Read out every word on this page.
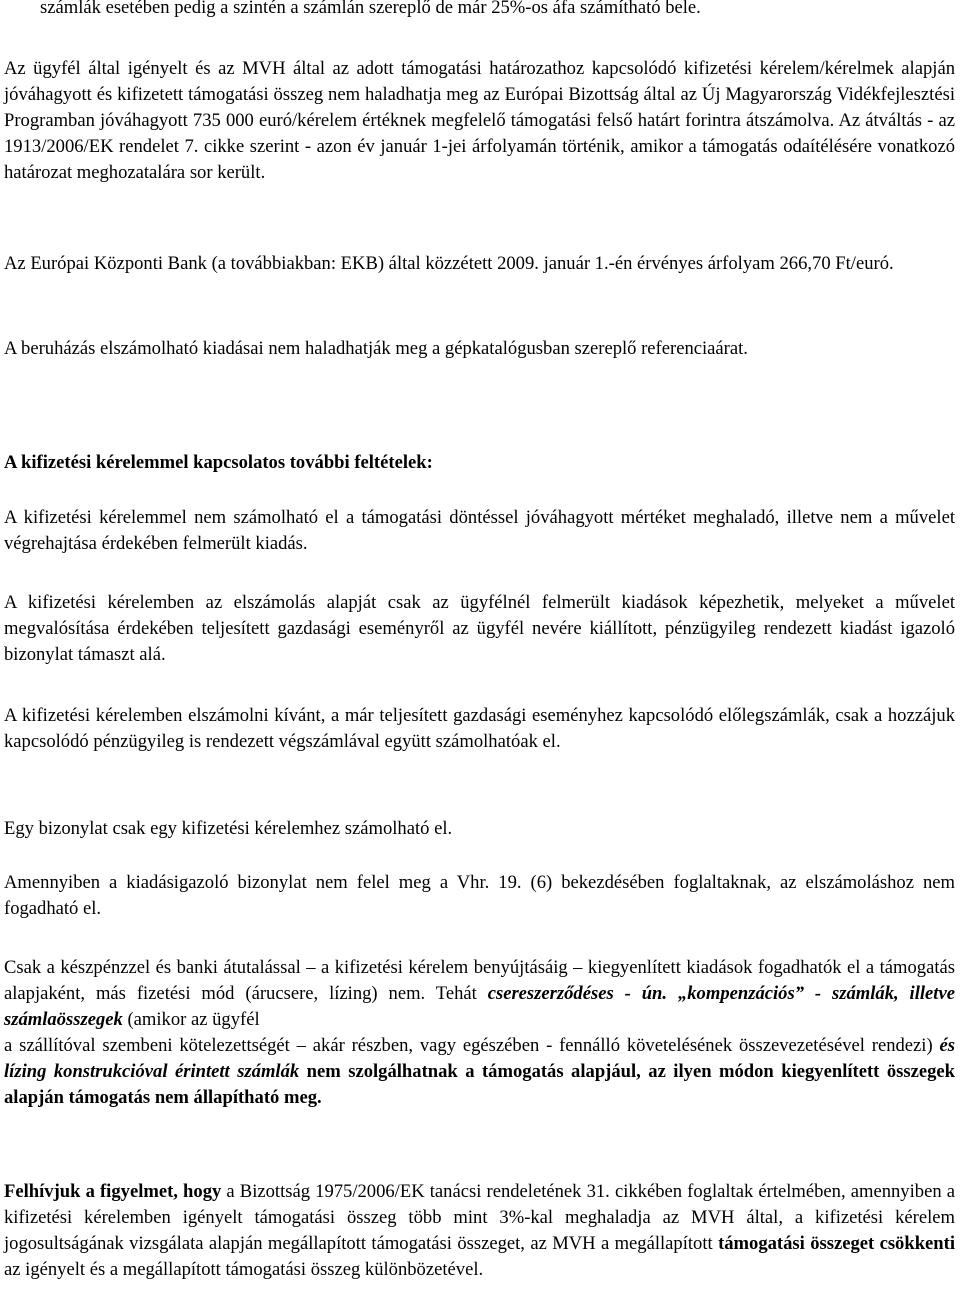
számlák esetében pedig a szintén a számlán szereplő de már 25%-os áfa számítható bele.

Az ügyfél által igényelt és az MVH által az adott támogatási határozathoz kapcsolódó kifizetési kérelem/kérelmek alapján jóváhagyott és kifizetett támogatási összeg nem haladhatja meg az Európai Bizottság által az Új Magyarország Vidékfejlesztési Programban jóváhagyott 735 000 euró/kérelem értéknek megfelelő támogatási felső határt forintra átszámolva. Az átváltás - az 1913/2006/EK rendelet 7. cikke szerint - azon év január 1-jei árfolyamán történik, amikor a támogatás odaítélésére vonatkozó határozat meghozatalára sor került.

Az Európai Központi Bank (a továbbiakban: EKB) által közzétett 2009. január 1.-én érvényes árfolyam 266,70 Ft/euró.

A beruházás elszámolható kiadásai nem haladhatják meg a gépkatalógusban szereplő referenciaárat.

A kifizetési kérelemmel kapcsolatos további feltételek:

A kifizetési kérelemmel nem számolható el a támogatási döntéssel jóváhagyott mértéket meghaladó, illetve nem a művelet végrehajtása érdekében felmerült kiadás.

A kifizetési kérelemben az elszámolás alapját csak az ügyfélnél felmerült kiadások képezhetik, melyeket a művelet megvalósítása érdekében teljesített gazdasági eseményről az ügyfél nevére kiállított, pénzügyileg rendezett kiadást igazoló bizonylat támaszt alá.

A kifizetési kérelemben elszámolni kívánt, a már teljesített gazdasági eseményhez kapcsolódó előlegszámlák, csak a hozzájuk kapcsolódó pénzügyileg is rendezett végszámlával együtt számolhatóak el.

Egy bizonylat csak egy kifizetési kérelemhez számolható el.

Amennyiben a kiadásigazoló bizonylat nem felel meg a Vhr. 19. (6) bekezdésében foglaltaknak, az elszámoláshoz nem fogadható el.

Csak a készpénzzel és banki átutalással – a kifizetési kérelem benyújtásáig – kiegyenlített kiadások fogadhatók el a támogatás alapjaként, más fizetési mód (árucsere, lízing) nem. Tehát csereszerződéses - ún. „kompenzációs” - számlák, illetve számlaösszegek (amikor az ügyfél
a szállítóval szembeni kötelezettségét – akár részben, vagy egészében - fennálló követelésének összevezetésével rendezi) és lízing konstrukcióval érintett számlák nem szolgálhatnak a támogatás alapjául, az ilyen módon kiegyenlített összegek alapján támogatás nem állapítható meg.

Felhívjuk a figyelmet, hogy a Bizottság 1975/2006/EK tanácsi rendeletének 31. cikkében foglaltak értelmében, amennyiben a kifizetési kérelemben igényelt támogatási összeg több mint 3%-kal meghaladja az MVH által, a kifizetési kérelem jogosultságának vizsgálata alapján megállapított támogatási összeget, az MVH a megállapított támogatási összeget csökkenti az igényelt és a megállapított támogatási összeg különbözetével.
